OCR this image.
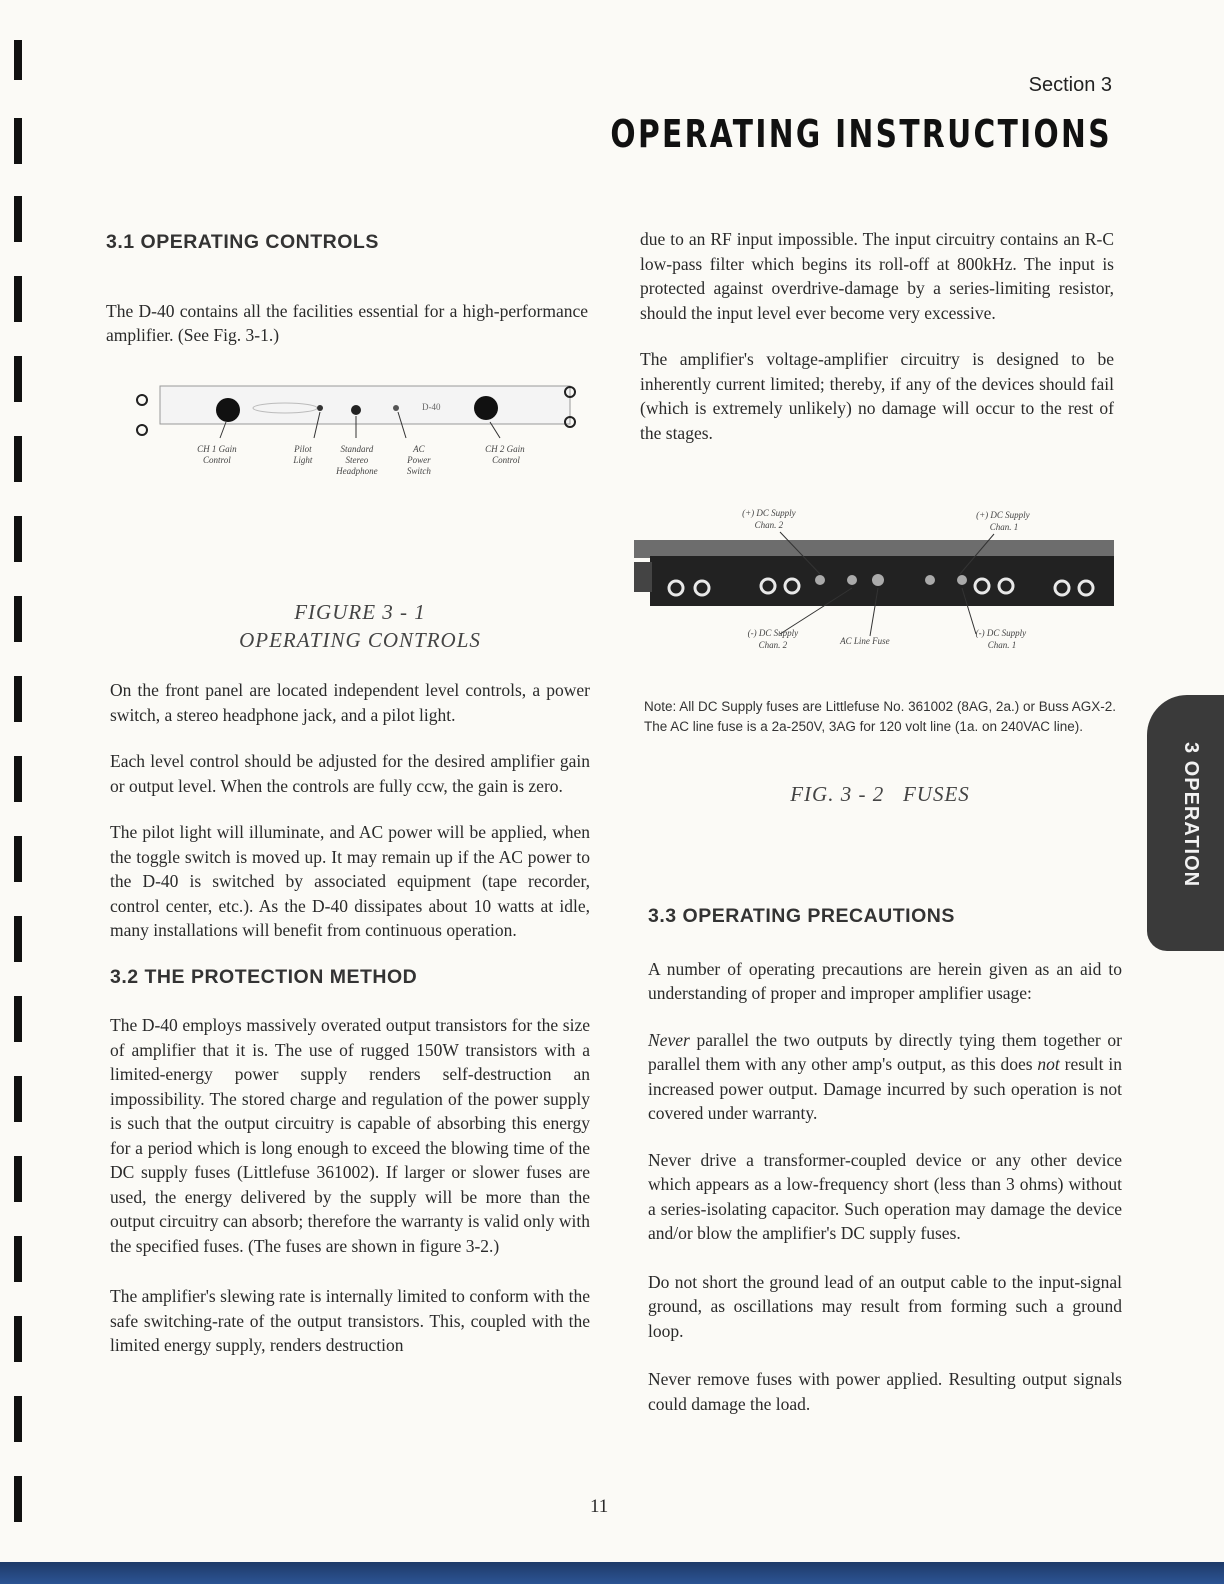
Section 3
OPERATING INSTRUCTIONS
3.1 OPERATING CONTROLS

The D-40 contains all the facilities essential for a high-performance amplifier. (See Fig. 3-1.)

D-40
CH 1 Gain Control Pilot Light Standard Stereo Headphone AC Power Switch CH 2 Gain Control
FIGURE 3 - 1
OPERATING CONTROLS

On the front panel are located independent level controls, a power switch, a stereo headphone jack, and a pilot light.

Each level control should be adjusted for the desired amplifier gain or output level. When the controls are fully ccw, the gain is zero.

The pilot light will illuminate, and AC power will be applied, when the toggle switch is moved up. It may remain up if the AC power to the D-40 is switched by associated equipment (tape recorder, control center, etc.). As the D-40 dissipates about 10 watts at idle, many installations will benefit from continuous operation.

3.2 THE PROTECTION METHOD

The D-40 employs massively overated output transistors for the size of amplifier that it is. The use of rugged 150W transistors with a limited-energy power supply renders self-destruction an impossibility. The stored charge and regulation of the power supply is such that the output circuitry is capable of absorbing this energy for a period which is long enough to exceed the blowing time of the DC supply fuses (Littlefuse 361002). If larger or slower fuses are used, the energy delivered by the supply will be more than the output circuitry can absorb; therefore the warranty is valid only with the specified fuses. (The fuses are shown in figure 3-2.)

The amplifier's slewing rate is internally limited to conform with the safe switching-rate of the output transistors. This, coupled with the limited energy supply, renders destruction

due to an RF input impossible. The input circuitry contains an R-C low-pass filter which begins its roll-off at 800kHz. The input is protected against overdrive-damage by a series-limiting resistor, should the input level ever become very excessive.

The amplifier's voltage-amplifier circuitry is designed to be inherently current limited; thereby, if any of the devices should fail (which is extremely unlikely) no damage will occur to the rest of the stages.

(+) DC Supply Chan. 2 (+) DC Supply Chan. 1
(-) DC Supply Chan. 2	AC Line Fuse (-) DC Supply Chan. 1
Note: All DC Supply fuses are Littlefuse No. 361002 (8AG, 2a.) or Buss AGX-2. The AC line fuse is a 2a-250V, 3AG for 120 volt line (1a. on 240VAC line).
FIG. 3 - 2   FUSES
3.3 OPERATING PRECAUTIONS

A number of operating precautions are herein given as an aid to understanding of proper and improper amplifier usage:

Never parallel the two outputs by directly tying them together or parallel them with any other amp's output, as this does not result in increased power output. Damage incurred by such operation is not covered under warranty.

Never drive a transformer-coupled device or any other device which appears as a low-frequency short (less than 3 ohms) without a series-isolating capacitor. Such operation may damage the device and/or blow the amplifier's DC supply fuses.

Do not short the ground lead of an output cable to the input-signal ground, as oscillations may result from forming such a ground loop.

Never remove fuses with power applied. Resulting output signals could damage the load.

3 OPERATION
11
